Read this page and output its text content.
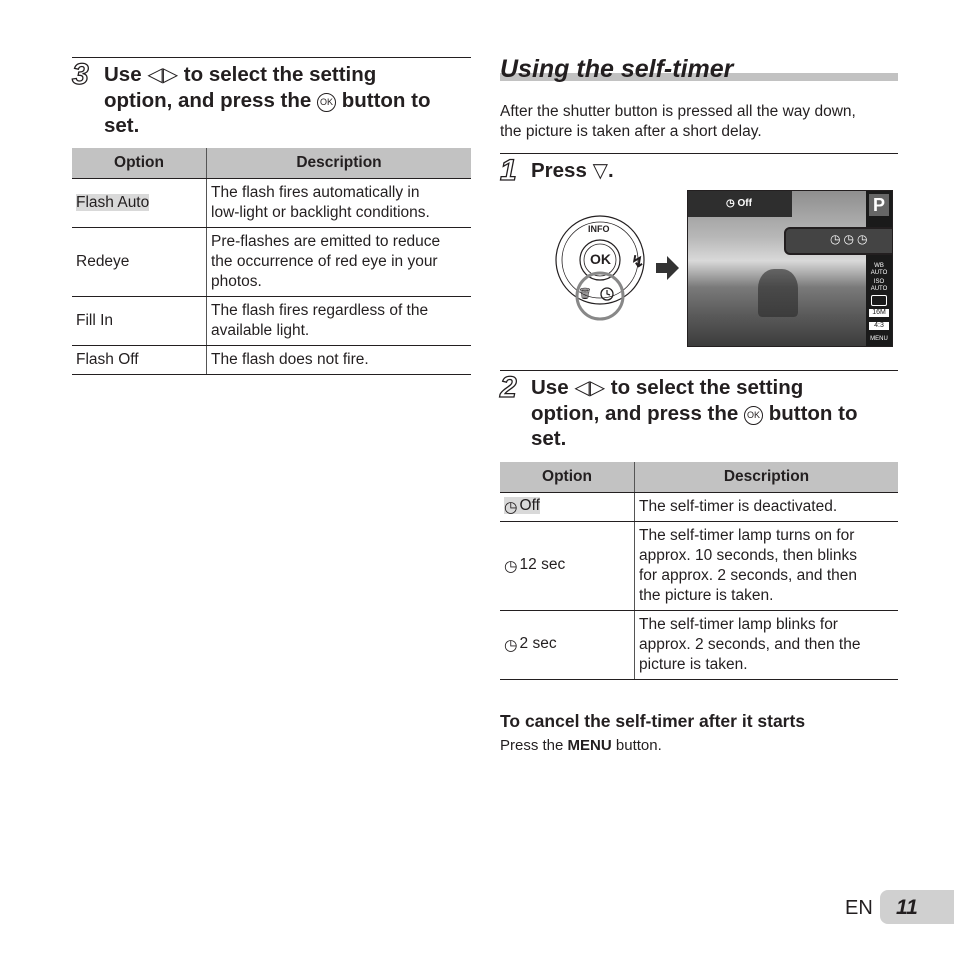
3 Use ◁▷ to select the setting
option, and press the OK button to
set.
Option	Description
Flash Auto	The flash fires automatically in
low-light or backlight conditions.

Redeye	Pre-flashes are emitted to reduce
the occurrence of red eye in your
photos.

Fill In	The flash fires regardless of the
available light.

Flash Off	The flash does not fire.
Using the self-timer
After the shutter button is pressed all the way down,
the picture is taken after a short delay.
1 Press ▽.
↯
🗑
INFO
OK
◷ Off	P
◷◷◷
WB AUTO
ISO AUTO
16M
4:3
MENU
2 Use ◁▷ to select the setting
option, and press the OK button to
set.
Option	Description
◷ Off	The self-timer is deactivated.

◷ 12 sec	The self-timer lamp turns on for
approx. 10 seconds, then blinks
for approx. 2 seconds, and then
the picture is taken.

◷ 2 sec	The self-timer lamp blinks for
approx. 2 seconds, and then the
picture is taken.
To cancel the self-timer after it starts
Press the MENU button.
EN 11
